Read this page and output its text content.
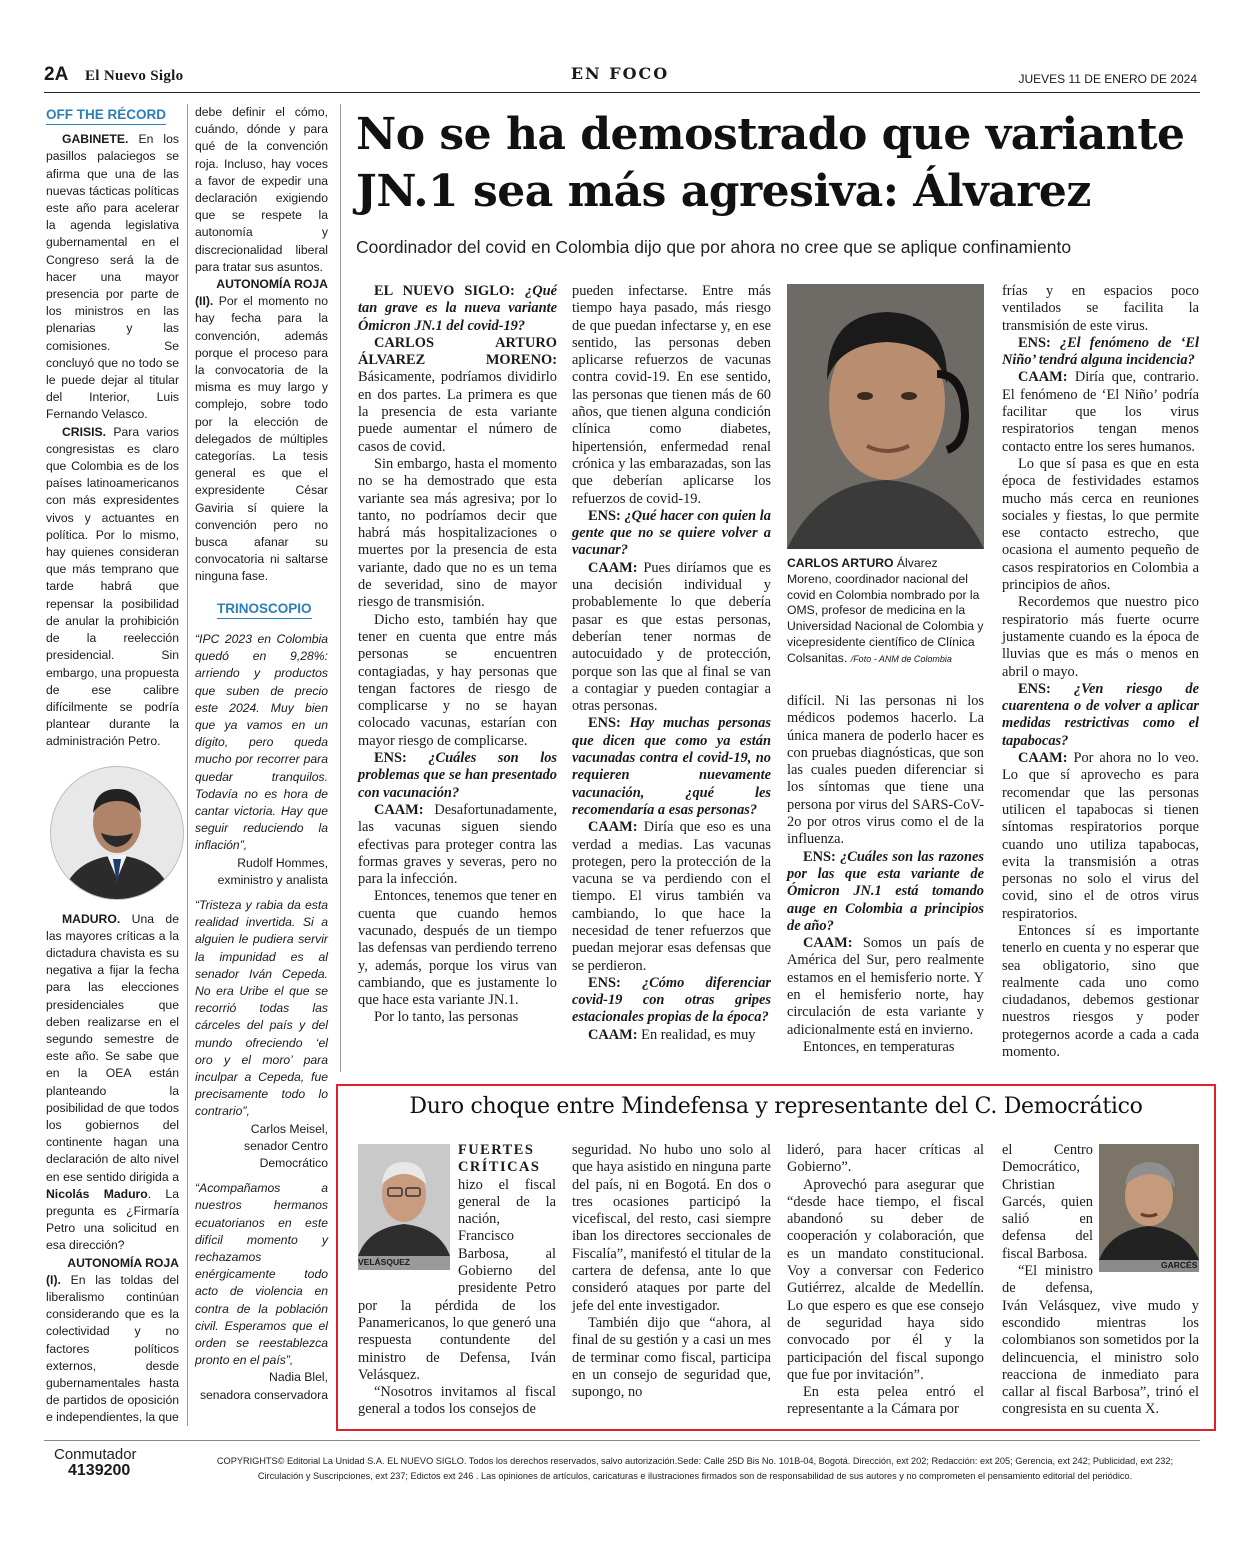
2A El Nuevo Siglo	EN FOCO	JUEVES 11 DE ENERO DE 2024
OFF THE RÉCORD

GABINETE. En los pasillos palaciegos se afirma que una de las nuevas tácticas políticas este año para acelerar la agenda legislativa gubernamental en el Congreso será la de hacer una mayor presencia por parte de los ministros en las plenarias y las comisiones. Se concluyó que no todo se le puede dejar al titular del Interior, Luis Fernando Velasco.

CRISIS. Para varios congresistas es claro que Colombia es de los países latinoamericanos con más expresidentes vivos y actuantes en política. Por lo mismo, hay quienes consideran que más temprano que tarde habrá que repensar la posibilidad de anular la prohibición de la reelección presidencial. Sin embargo, una propuesta de ese calibre difícilmente se podría plantear durante la administración Petro.

MADURO. Una de las mayores críticas a la dictadura chavista es su negativa a fijar la fecha para las elecciones presidenciales que deben realizarse en el segundo semestre de este año. Se sabe que en la OEA están planteando la posibilidad de que todos los gobiernos del continente hagan una declaración de alto nivel en ese sentido dirigida a Nicolás Maduro. La pregunta es ¿Firmaría Petro una solicitud en esa dirección?

AUTONOMÍA ROJA

(I). En las toldas del liberalismo continúan considerando que es la colectividad y no factores políticos externos, desde gubernamentales hasta de partidos de oposición e independientes, la que

debe definir el cómo, cuándo, dónde y para qué de la convención roja. Incluso, hay voces a favor de expedir una declaración exigiendo que se respete la autonomía y discrecionalidad liberal para tratar sus asuntos.

AUTONOMÍA ROJA

(II). Por el momento no hay fecha para la convención, además porque el proceso para la convocatoria de la misma es muy largo y complejo, sobre todo por la elección de delegados de múltiples categorías. La tesis general es que el expresidente César Gaviria sí quiere la convención pero no busca afanar su convocatoria ni saltarse ninguna fase.

TRINOSCOPIO
“IPC 2023 en Colombia quedó en 9,28%: arriendo y productos que suben de precio este 2024. Muy bien que ya vamos en un dígito, pero queda mucho por recorrer para quedar tranquilos. Todavía no es hora de cantar victoria. Hay que seguir reduciendo la inflación”,
Rudolf Hommes,
exministro y analista
“Tristeza y rabia da esta realidad invertida. Si a alguien le pudiera servir la impunidad es al senador Iván Cepeda. No era Uribe el que se recorrió todas las cárceles del país y del mundo ofreciendo ‘el oro y el moro’ para inculpar a Cepeda, fue precisamente todo lo contrario”,
Carlos Meisel,
senador Centro Democrático
“Acompañamos a nuestros hermanos ecuatorianos en este difícil momento y rechazamos enérgicamente todo acto de violencia en contra de la población civil. Esperamos que el orden se reestablezca pronto en el país”,
Nadia Blel,
senadora conservadora
No se ha demostrado que variante JN.1 sea más agresiva: Álvarez
Coordinador del covid en Colombia dijo que por ahora no cree que se aplique confinamiento

EL NUEVO SIGLO: ¿Qué tan grave es la nueva variante Ómicron JN.1 del covid-19?

CARLOS ARTURO ÁLVAREZ MORENO: Básicamente, podríamos dividirlo en dos partes. La primera es que la presencia de esta variante puede aumentar el número de casos de covid.

Sin embargo, hasta el momento no se ha demostrado que esta variante sea más agresiva; por lo tanto, no podríamos decir que habrá más hospitalizaciones o muertes por la presencia de esta variante, dado que no es un tema de severidad, sino de mayor riesgo de transmisión.

Dicho esto, también hay que tener en cuenta que entre más personas se encuentren contagiadas, y hay personas que tengan factores de riesgo de complicarse y no se hayan colocado vacunas, estarían con mayor riesgo de complicarse.

ENS: ¿Cuáles son los problemas que se han presentado con vacunación?

CAAM: Desafortunadamente, las vacunas siguen siendo efectivas para proteger contra las formas graves y severas, pero no para la infección.

Entonces, tenemos que tener en cuenta que cuando hemos vacunado, después de un tiempo las defensas van perdiendo terreno y, además, porque los virus van cambiando, que es justamente lo que hace esta variante JN.1.

Por lo tanto, las personas

pueden infectarse. Entre más tiempo haya pasado, más riesgo de que puedan infectarse y, en ese sentido, las personas deben aplicarse refuerzos de vacunas contra covid-19. En ese sentido, las personas que tienen más de 60 años, que tienen alguna condición clínica como diabetes, hipertensión, enfermedad renal crónica y las embarazadas, son las que deberían aplicarse los refuerzos de covid-19.

ENS: ¿Qué hacer con quien la gente que no se quiere volver a vacunar?

CAAM: Pues diríamos que es una decisión individual y probablemente lo que debería pasar es que estas personas, deberían tener normas de autocuidado y de protección, porque son las que al final se van a contagiar y pueden contagiar a otras personas.

ENS: Hay muchas personas que dicen que como ya están vacunadas contra el covid-19, no requieren nuevamente vacunación, ¿qué les recomendaría a esas personas?

CAAM: Diría que eso es una verdad a medias. Las vacunas protegen, pero la protección de la vacuna se va perdiendo con el tiempo. El virus también va cambiando, lo que hace la necesidad de tener refuerzos que puedan mejorar esas defensas que se perdieron.

ENS: ¿Cómo diferenciar covid-19 con otras gripes estacionales propias de la época?

CAAM: En realidad, es muy

CARLOS ARTURO Álvarez Moreno, coordinador nacional del covid en Colombia nombrado por la OMS, profesor de medicina en la Universidad Nacional de Colombia y vicepresidente científico de Clínica Colsanitas. /Foto - ANM de Colombia

difícil. Ni las personas ni los médicos podemos hacerlo. La única manera de poderlo hacer es con pruebas diagnósticas, que son las cuales pueden diferenciar si los síntomas que tiene una persona por virus del SARS-CoV-2o por otros virus como el de la influenza.

ENS: ¿Cuáles son las razones por las que esta variante de Ómicron JN.1 está tomando auge en Colombia a principios de año?

CAAM: Somos un país de América del Sur, pero realmente estamos en el hemisferio norte. Y en el hemisferio norte, hay circulación de esta variante y adicionalmente está en invierno.

Entonces, en temperaturas

frías y en espacios poco ventilados se facilita la transmisión de este virus.

ENS: ¿El fenómeno de ‘El Niño’ tendrá alguna incidencia?

CAAM: Diría que, contrario. El fenómeno de ‘El Niño’ podría facilitar que los virus respiratorios tengan menos contacto entre los seres humanos.

Lo que sí pasa es que en esta época de festividades estamos mucho más cerca en reuniones sociales y fiestas, lo que permite ese contacto estrecho, que ocasiona el aumento pequeño de casos respiratorios en Colombia a principios de años.

Recordemos que nuestro pico respiratorio más fuerte ocurre justamente cuando es la época de lluvias que es más o menos en abril o mayo.

ENS: ¿Ven riesgo de cuarentena o de volver a aplicar medidas restrictivas como el tapabocas?

CAAM: Por ahora no lo veo. Lo que sí aprovecho es para recomendar que las personas utilicen el tapabocas si tienen síntomas respiratorios porque cuando uno utiliza tapabocas, evita la transmisión a otras personas no solo el virus del covid, sino el de otros virus respiratorios.

Entonces sí es importante tenerlo en cuenta y no esperar que sea obligatorio, sino que realmente cada uno como ciudadanos, debemos gestionar nuestros riesgos y poder protegernos acorde a cada a cada momento.

Duro choque entre Mindefensa y representante del C. Democrático

FUERTES CRÍTICAS hizo el fiscal general de la nación, Francisco Barbosa, al Gobierno del presidente Petro por la pérdida de los Panamericanos, lo que generó una respuesta contundente del ministro de Defensa, Iván Velásquez.

“Nosotros invitamos al fiscal general a todos los consejos de

VELÁSQUEZ

seguridad. No hubo uno solo al que haya asistido en ninguna parte del país, ni en Bogotá. En dos o tres ocasiones participó la vicefiscal, del resto, casi siempre iban los directores seccionales de Fiscalía”, manifestó el titular de la cartera de defensa, ante lo que consideró ataques por parte del jefe del ente investigador.

También dijo que “ahora, al final de su gestión y a casi un mes de terminar como fiscal, participa en un consejo de seguridad que, supongo, no

lideró, para hacer críticas al Gobierno”.

Aprovechó para asegurar que “desde hace tiempo, el fiscal abandonó su deber de cooperación y colaboración, que es un mandato constitucional. Voy a conversar con Federico Gutiérrez, alcalde de Medellín. Lo que espero es que ese consejo de seguridad haya sido convocado por él y la participación del fiscal supongo que fue por invitación”.

En esta pelea entró el representante a la Cámara por

el Centro Democrático, Christian Garcés, quien salió en defensa del fiscal Barbosa.

“El ministro de defensa, Iván Velásquez, vive mudo y escondido mientras los colombianos son sometidos por la delincuencia, el ministro solo reacciona de inmediato para callar al fiscal Barbosa”, trinó el congresista en su cuenta X.

GARCÉS
Conmutador
4139200
COPYRIGHTS© Editorial La Unidad S.A. EL NUEVO SIGLO. Todos los derechos reservados, salvo autorización.Sede: Calle 25D Bis No. 101B-04, Bogotá. Dirección, ext 202; Redacción: ext 205; Gerencia, ext 242; Publicidad, ext 232;
Circulación y Suscripciones, ext 237; Edictos ext 246 . Las opiniones de artículos, caricaturas e ilustraciones firmados son de responsabilidad de sus autores y no comprometen el pensamiento editorial del periódico.
